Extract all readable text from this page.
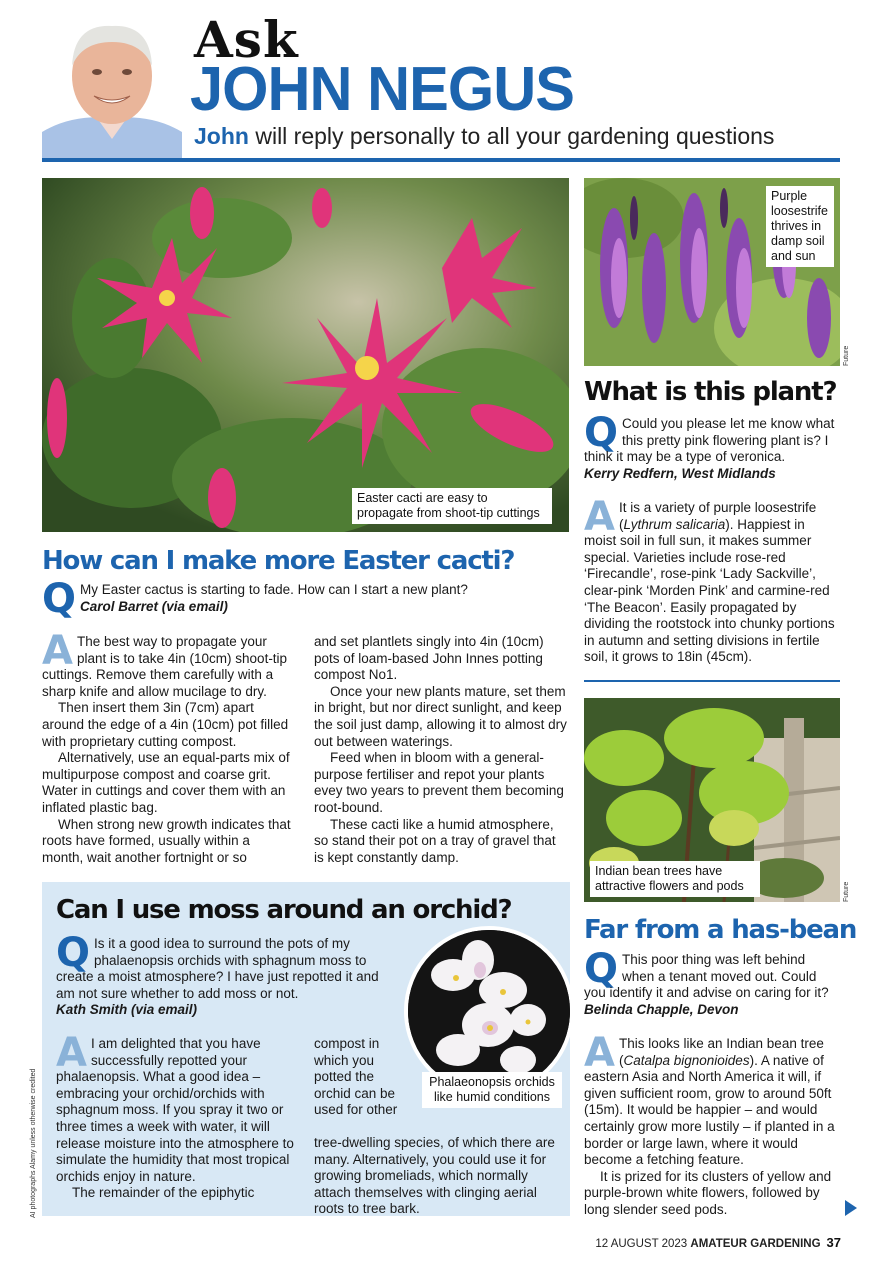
Ask
JOHN NEGUS
John will reply personally to all your gardening questions
Easter cacti are easy to propagate from shoot-tip cuttings
How can I make more Easter cacti?
Q My Easter cactus is starting to fade. How can I start a new plant?
Carol Barret (via email)
A The best way to propagate your plant is to take 4in (10cm) shoot-tip cuttings. Remove them carefully with a sharp knife and allow mucilage to dry.

Then insert them 3in (7cm) apart around the edge of a 4in (10cm) pot filled with proprietary cutting compost.

Alternatively, use an equal-parts mix of multipurpose compost and coarse grit. Water in cuttings and cover them with an inflated plastic bag.

When strong new growth indicates that roots have formed, usually within a month, wait another fortnight or so

and set plantlets singly into 4in (10cm) pots of loam-based John Innes potting compost No1.

Once your new plants mature, set them in bright, but nor direct sunlight, and keep the soil just damp, allowing it to almost dry out between waterings.

Feed when in bloom with a general-purpose fertiliser and repot your plants evey two years to prevent them becoming root-bound.

These cacti like a humid atmosphere, so stand their pot on a tray of gravel that is kept constantly damp.

Purple loosestrife thrives in damp soil and sun
Future
What is this plant?
Q Could you please let me know what this pretty pink flowering plant is? I think it may be a type of veronica.
Kerry Redfern, West Midlands
A It is a variety of purple loosestrife (Lythrum salicaria). Happiest in moist soil in full sun, it makes summer special. Varieties include rose-red ‘Firecandle’, rose-pink ‘Lady Sackville’, clear-pink ‘Morden Pink’ and carmine-red ‘The Beacon’. Easily propagated by dividing the rootstock into chunky portions in autumn and setting divisions in fertile soil, it grows to 18in (45cm).
Indian bean trees have attractive flowers and pods	Future
Far from a has-bean
Q This poor thing was left behind when a tenant moved out. Could you identify it and advise on caring for it?
Belinda Chapple, Devon
A This looks like an Indian bean tree (Catalpa bignonioides). A native of eastern Asia and North America it will, if given sufficient room, grow to around 50ft (15m). It would be happier – and would certainly grow more lustily – if planted in a border or large lawn, where it would become a fetching feature.

It is prized for its clusters of yellow and purple-brown white flowers, followed by long slender seed pods.

Can I use moss around an orchid?
Q Is it a good idea to surround the pots of my phalaenopsis orchids with sphagnum moss to create a moist atmosphere? I have just repotted it and am not sure whether to add moss or not.
Kath Smith (via email)
Phalaeonopsis orchids like humid conditions
A I am delighted that you have successfully repotted your phalaenopsis. What a good idea – embracing your orchid/orchids with sphagnum moss. If you spray it two or three times a week with water, it will release moisture into the atmosphere to simulate the humidity that most tropical orchids enjoy in nature.

The remainder of the epiphytic

compost in which you potted the orchid can be used for other
tree-dwelling species, of which there are many. Alternatively, you could use it for growing bromeliads, which normally attach themselves with clinging aerial roots to tree bark.
AI photographs Alamy unless otherwise credited
12 AUGUST 2023 AMATEUR GARDENING 37
